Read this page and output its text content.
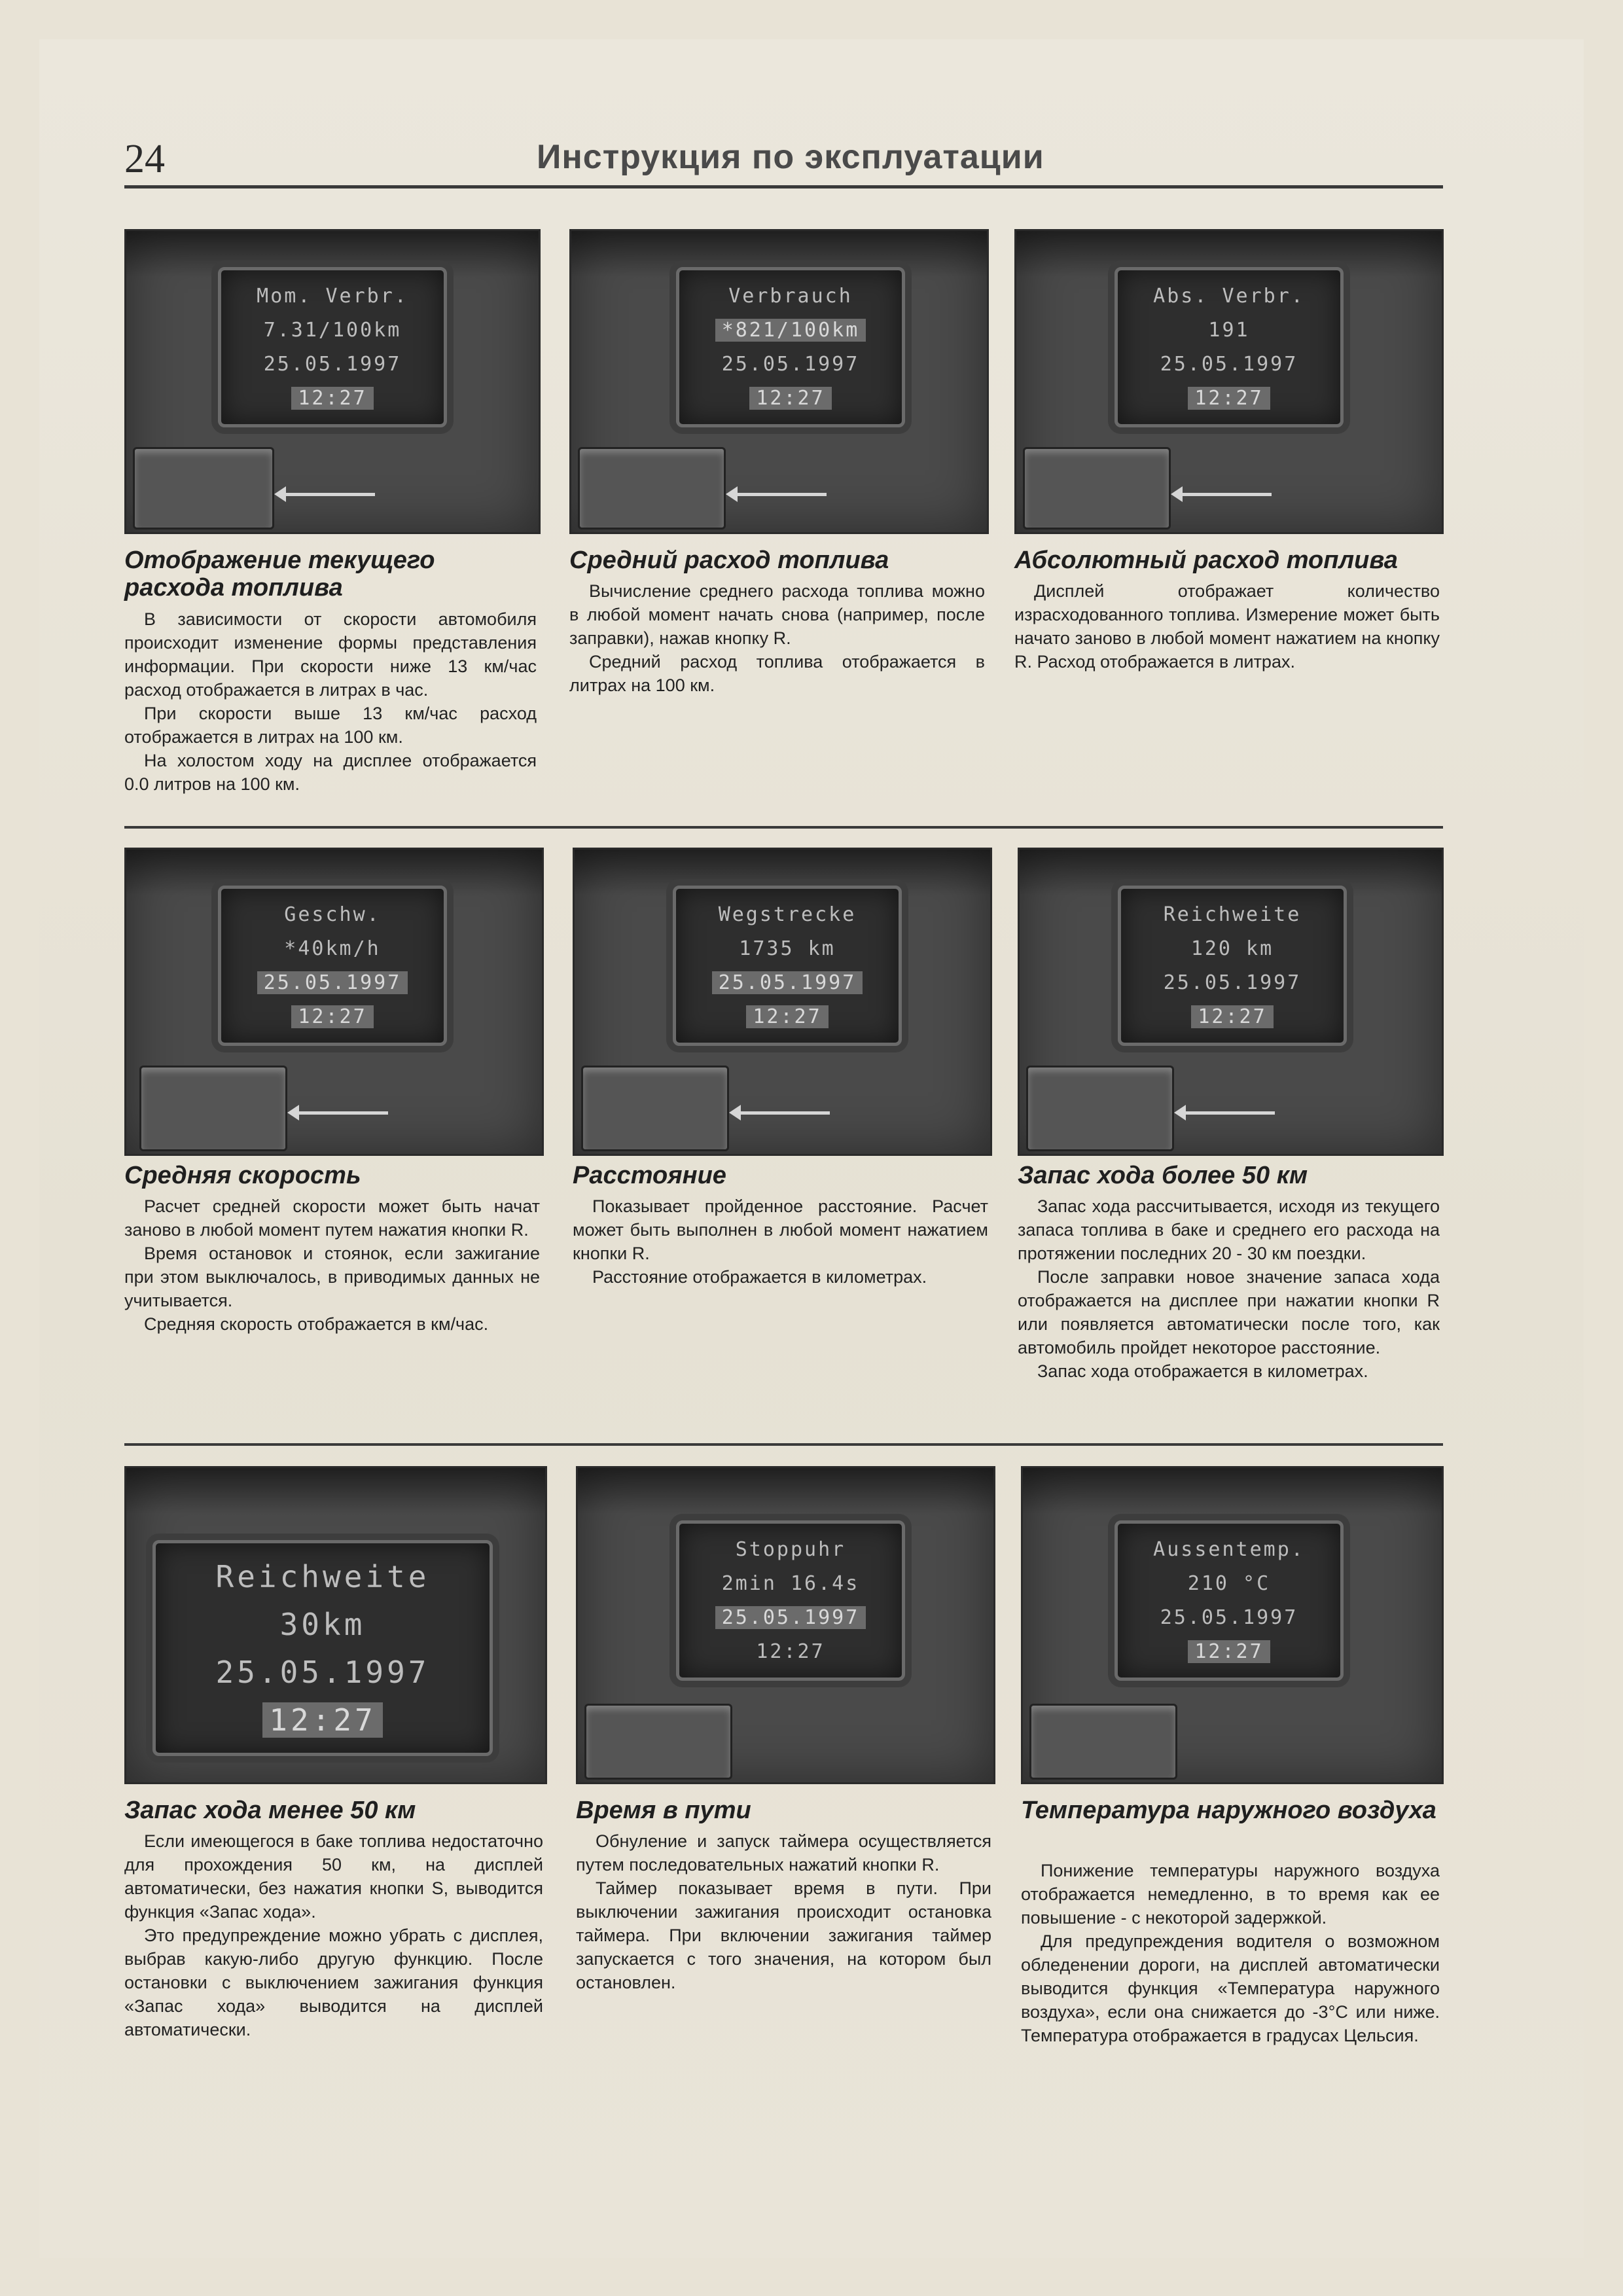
24	Инструкция по эксплуатации
Mom. Verbr.
7.31/100km
25.05.1997
12:27
Отображение текущего расхода топлива

В зависимости от скорости автомобиля происходит изменение формы представления информации. При скорости ниже 13 км/час расход отображается в литрах в час.

При скорости выше 13 км/час расход отображается в литрах на 100 км.

На холостом ходу на дисплее отображается 0.0 литров на 100 км.

Verbrauch
*821/100km
25.05.1997
12:27
Средний расход топлива

Вычисление среднего расхода топлива можно в любой момент начать снова (например, после заправки), нажав кнопку R.

Средний расход топлива отображается в литрах на 100 км.

Abs. Verbr.
191
25.05.1997
12:27
Абсолютный расход топлива

Дисплей отображает количество израсходованного топлива. Измерение может быть начато заново в любой момент нажатием на кнопку R. Расход отображается в литрах.

Geschw.
*40km/h
25.05.1997
12:27
Средняя скорость

Расчет средней скорости может быть начат заново в любой момент путем нажатия кнопки R.

Время остановок и стоянок, если зажигание при этом выключалось, в приводимых данных не учитывается.

Средняя скорость отображается в км/час.

Wegstrecke
1735 km
25.05.1997
12:27
Расстояние

Показывает пройденное расстояние. Расчет может быть выполнен в любой момент нажатием кнопки R.

Расстояние отображается в километрах.

Reichweite
120 km
25.05.1997
12:27
Запас хода более 50 км

Запас хода рассчитывается, исходя из текущего запаса топлива в баке и среднего его расхода на протяжении последних 20 - 30 км поездки.

После заправки новое значение запаса хода отображается на дисплее при нажатии кнопки R или появляется автоматически после того, как автомобиль пройдет некоторое расстояние.

Запас хода отображается в километрах.

Reichweite
30km
25.05.1997
12:27
Запас хода менее 50 км

Если имеющегося в баке топлива недостаточно для прохождения 50 км, на дисплей автоматически, без нажатия кнопки S, выводится функция «Запас хода».

Это предупреждение можно убрать с дисплея, выбрав какую-либо другую функцию. После остановки с выключением зажигания функция «Запас хода» выводится на дисплей автоматически.

Stoppuhr
2min 16.4s
25.05.1997
12:27
Время в пути

Обнуление и запуск таймера осуществляется путем последовательных нажатий кнопки R.

Таймер показывает время в пути. При выключении зажигания происходит остановка таймера. При включении зажигания таймер запускается с того значения, на котором был остановлен.

Aussentemp.
210 °C
25.05.1997
12:27
Температура наружного воздуха

Понижение температуры наружного воздуха отображается немедленно, в то время как ее повышение - с некоторой задержкой.

Для предупреждения водителя о возможном обледенении дороги, на дисплей автоматически выводится функция «Температура наружного воздуха», если она снижается до -3°С или ниже. Температура отображается в градусах Цельсия.
